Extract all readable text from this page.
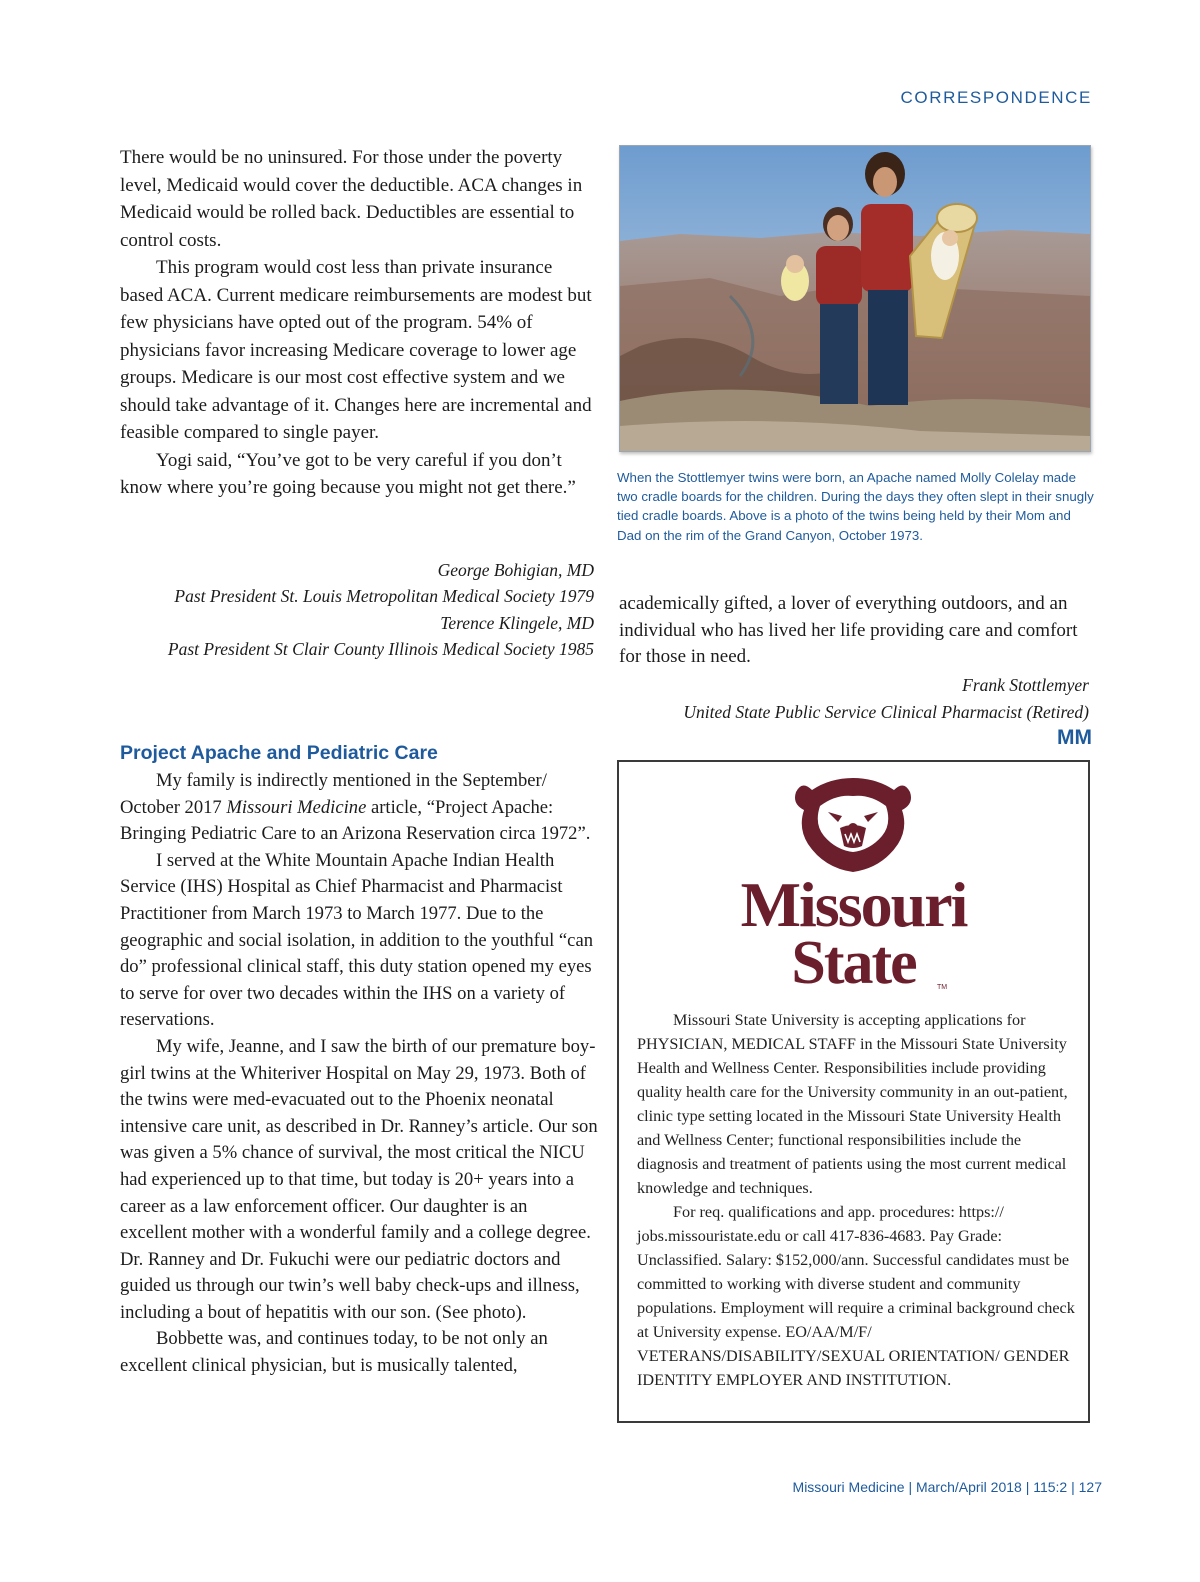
CORRESPONDENCE

There would be no uninsured. For those under the poverty level, Medicaid would cover the deductible. ACA changes in Medicaid would be rolled back. Deductibles are essential to control costs.

This program would cost less than private insurance based ACA. Current medicare reimbursements are modest but few physicians have opted out of the program. 54% of physicians favor increasing Medicare coverage to lower age groups. Medicare is our most cost effective system and we should take advantage of it. Changes here are incremental and feasible compared to single payer.

Yogi said, “You’ve got to be very careful if you don’t know where you’re going because you might not get there.”

George Bohigian, MD
Past President St. Louis Metropolitan Medical Society 1979
Terence Klingele, MD
Past President St Clair County Illinois Medical Society 1985
Project Apache and Pediatric Care

My family is indirectly mentioned in the September/ October 2017 Missouri Medicine article, “Project Apache: Bringing Pediatric Care to an Arizona Reservation circa 1972”.

I served at the White Mountain Apache Indian Health Service (IHS) Hospital as Chief Pharmacist and Pharmacist Practitioner from March 1973 to March 1977. Due to the geographic and social isolation, in addition to the youthful “can do” professional clinical staff, this duty station opened my eyes to serve for over two decades within the IHS on a variety of reservations.

My wife, Jeanne, and I saw the birth of our premature boy-girl twins at the Whiteriver Hospital on May 29, 1973. Both of the twins were med-evacuated out to the Phoenix neonatal intensive care unit, as described in Dr. Ranney’s article. Our son was given a 5% chance of survival, the most critical the NICU had experienced up to that time, but today is 20+ years into a career as a law enforcement officer. Our daughter is an excellent mother with a wonderful family and a college degree. Dr. Ranney and Dr. Fukuchi were our pediatric doctors and guided us through our twin’s well baby check-ups and illness, including a bout of hepatitis with our son. (See photo).

Bobbette was, and continues today, to be not only an excellent clinical physician, but is musically talented,

When the Stottlemyer twins were born, an Apache named Molly Colelay made two cradle boards for the children. During the days they often slept in their snugly tied cradle boards. Above is a photo of the twins being held by their Mom and Dad on the rim of the Grand Canyon, October 1973.

academically gifted, a lover of everything outdoors, and an individual who has lived her life providing care and comfort for those in need.

Frank Stottlemyer
United State Public Service Clinical Pharmacist (Retired)
MM
Missouri
State	TM

Missouri State University is accepting applications for PHYSICIAN, MEDICAL STAFF in the Missouri State University Health and Wellness Center. Responsibilities include providing quality health care for the University community in an out-patient, clinic type setting located in the Missouri State University Health and Wellness Center; functional responsibilities include the diagnosis and treatment of patients using the most current medical knowledge and techniques.

For req. qualifications and app. procedures: https:// jobs.missouristate.edu or call 417-836-4683. Pay Grade: Unclassified. Salary: $152,000/ann. Successful candidates must be committed to working with diverse student and community populations. Employment will require a criminal background check at University expense. EO/AA/M/F/ VETERANS/DISABILITY/SEXUAL ORIENTATION/ GENDER IDENTITY EMPLOYER AND INSTITUTION.

Missouri Medicine | March/April 2018 | 115:2 | 127
